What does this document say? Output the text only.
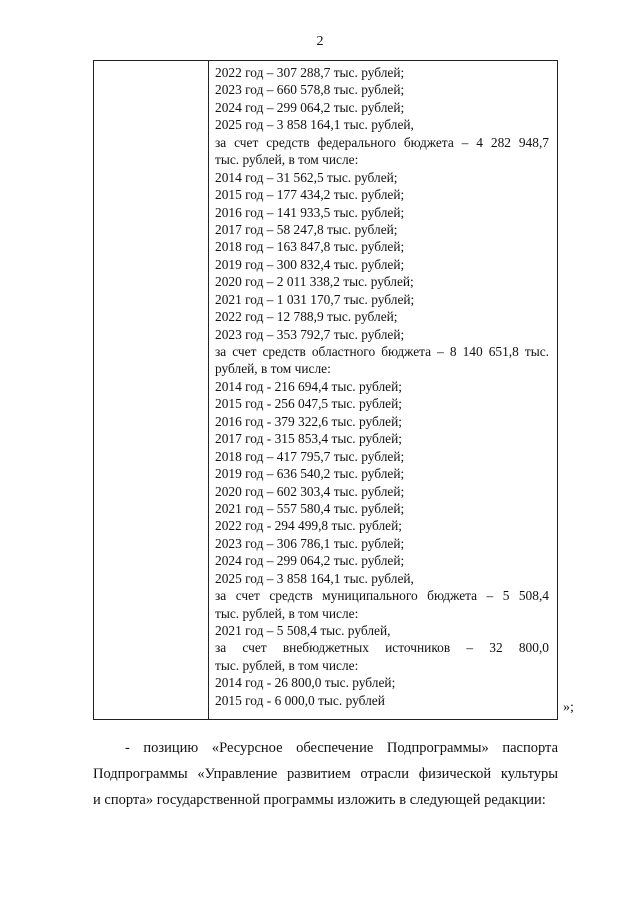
2
2022 год – 307 288,7 тыс. рублей;
2023 год – 660 578,8 тыс. рублей;
2024 год – 299 064,2 тыс. рублей;
2025 год – 3 858 164,1 тыс. рублей,
за счет средств федерального бюджета – 4 282 948,7
тыс. рублей, в том числе:
2014 год – 31 562,5 тыс. рублей;
2015 год – 177 434,2 тыс. рублей;
2016 год – 141 933,5 тыс. рублей;
2017 год – 58 247,8 тыс. рублей;
2018 год – 163 847,8 тыс. рублей;
2019 год – 300 832,4 тыс. рублей;
2020 год – 2 011 338,2 тыс. рублей;
2021 год – 1 031 170,7 тыс. рублей;
2022 год – 12 788,9 тыс. рублей;
2023 год – 353 792,7 тыс. рублей;
за счет средств областного бюджета – 8 140 651,8 тыс.
рублей, в том числе:
2014 год - 216 694,4 тыс. рублей;
2015 год - 256 047,5 тыс. рублей;
2016 год - 379 322,6 тыс. рублей;
2017 год - 315 853,4 тыс. рублей;
2018 год – 417 795,7 тыс. рублей;
2019 год – 636 540,2 тыс. рублей;
2020 год – 602 303,4 тыс. рублей;
2021 год – 557 580,4 тыс. рублей;
2022 год - 294 499,8 тыс. рублей;
2023 год – 306 786,1 тыс. рублей;
2024 год – 299 064,2 тыс. рублей;
2025 год – 3 858 164,1 тыс. рублей,
за счет средств муниципального бюджета – 5 508,4
тыс. рублей, в том числе:
2021 год – 5 508,4 тыс. рублей,
за счет внебюджетных источников – 32 800,0
тыс. рублей, в том числе:
2014 год - 26 800,0 тыс. рублей;
2015 год - 6 000,0 тыс. рублей	»;
- позицию «Ресурсное обеспечение Подпрограммы» паспорта
Подпрограммы «Управление развитием отрасли физической культуры
и спорта» государственной программы изложить в следующей редакции:
